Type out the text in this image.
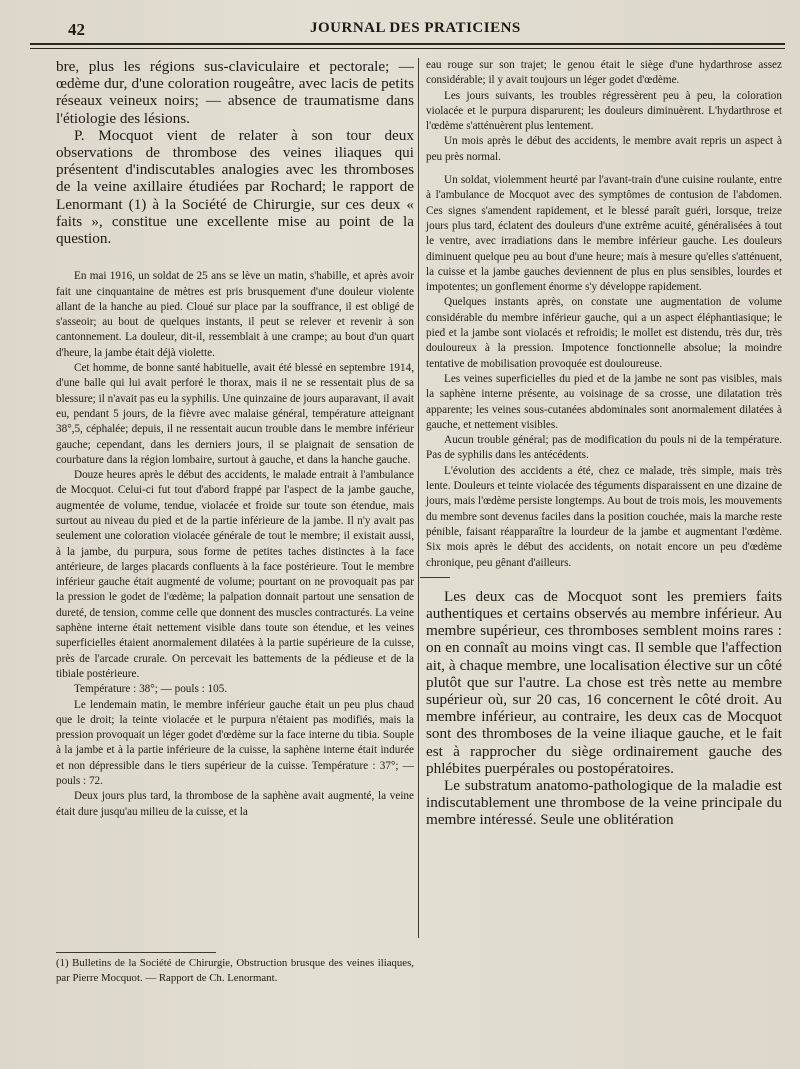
42	JOURNAL DES PRATICIENS

bre, plus les régions sus-claviculaire et pectorale; — œdème dur, d'une coloration rougeâtre, avec lacis de petits réseaux veineux noirs; — absence de traumatisme dans l'étiologie des lésions.

P. Mocquot vient de relater à son tour deux observations de thrombose des veines iliaques qui présentent d'indiscutables analogies avec les thromboses de la veine axillaire étudiées par Rochard; le rapport de Lenormant (1) à la Société de Chirurgie, sur ces deux « faits », constitue une excellente mise au point de la question.

En mai 1916, un soldat de 25 ans se lève un matin, s'habille, et après avoir fait une cinquantaine de mètres est pris brusquement d'une douleur violente allant de la hanche au pied. Cloué sur place par la souffrance, il est obligé de s'asseoir; au bout de quelques instants, il peut se relever et revenir à son cantonnement. La douleur, dit-il, ressemblait à une crampe; au bout d'un quart d'heure, la jambe était déjà violette.

Cet homme, de bonne santé habituelle, avait été blessé en septembre 1914, d'une balle qui lui avait perforé le thorax, mais il ne se ressentait plus de sa blessure; il n'avait pas eu la syphilis. Une quinzaine de jours auparavant, il avait eu, pendant 5 jours, de la fièvre avec malaise général, température atteignant 38°,5, céphalée; depuis, il ne ressentait aucun trouble dans le membre inférieur gauche; cependant, dans les derniers jours, il se plaignait de sensation de courbature dans la région lombaire, surtout à gauche, et dans la hanche gauche.

Douze heures après le début des accidents, le malade entrait à l'ambulance de Mocquot. Celui-ci fut tout d'abord frappé par l'aspect de la jambe gauche, augmentée de volume, tendue, violacée et froide sur toute son étendue, mais surtout au niveau du pied et de la partie inférieure de la jambe. Il n'y avait pas seulement une coloration violacée générale de tout le membre; il existait aussi, à la jambe, du purpura, sous forme de petites taches distinctes à la face antérieure, de larges placards confluents à la face postérieure. Tout le membre inférieur gauche était augmenté de volume; pourtant on ne provoquait pas par la pression le godet de l'œdème; la palpation donnait partout une sensation de dureté, de tension, comme celle que donnent des muscles contracturés. La veine saphène interne était nettement visible dans toute son étendue, et les veines superficielles étaient anormalement dilatées à la partie supérieure de la cuisse, près de l'arcade crurale. On percevait les battements de la pédieuse et de la tibiale postérieure.

Température : 38°; — pouls : 105.

Le lendemain matin, le membre inférieur gauche était un peu plus chaud que le droit; la teinte violacée et le purpura n'étaient pas modifiés, mais la pression provoquait un léger godet d'œdème sur la face interne du tibia. Souple à la jambe et à la partie inférieure de la cuisse, la saphène interne était indurée et non dépressible dans le tiers supérieur de la cuisse. Température : 37°; — pouls : 72.

Deux jours plus tard, la thrombose de la saphène avait augmenté, la veine était dure jusqu'au milieu de la cuisse, et la

eau rouge sur son trajet; le genou était le siège d'une hydarthrose assez considérable; il y avait toujours un léger godet d'œdème.

Les jours suivants, les troubles régressèrent peu à peu, la coloration violacée et le purpura disparurent; les douleurs diminuèrent. L'hydarthrose et l'œdème s'atténuèrent plus lentement.

Un mois après le début des accidents, le membre avait repris un aspect à peu près normal.

Un soldat, violemment heurté par l'avant-train d'une cuisine roulante, entre à l'ambulance de Mocquot avec des symptômes de contusion de l'abdomen. Ces signes s'amendent rapidement, et le blessé paraît guéri, lorsque, treize jours plus tard, éclatent des douleurs d'une extrême acuité, généralisées à tout le ventre, avec irradiations dans le membre inférieur gauche. Les douleurs diminuent quelque peu au bout d'une heure; mais à mesure qu'elles s'atténuent, la cuisse et la jambe gauches deviennent de plus en plus sensibles, lourdes et impotentes; un gonflement énorme s'y développe rapidement.

Quelques instants après, on constate une augmentation de volume considérable du membre inférieur gauche, qui a un aspect éléphantiasique; le pied et la jambe sont violacés et refroidis; le mollet est distendu, très dur, très douloureux à la pression. Impotence fonctionnelle absolue; la moindre tentative de mobilisation provoquée est douloureuse.

Les veines superficielles du pied et de la jambe ne sont pas visibles, mais la saphène interne présente, au voisinage de sa crosse, une dilatation très apparente; les veines sous-cutanées abdominales sont anormalement dilatées à gauche, et nettement visibles.

Aucun trouble général; pas de modification du pouls ni de la température. Pas de syphilis dans les antécédents.

L'évolution des accidents a été, chez ce malade, très simple, mais très lente. Douleurs et teinte violacée des téguments disparaissent en une dizaine de jours, mais l'œdème persiste longtemps. Au bout de trois mois, les mouvements du membre sont devenus faciles dans la position couchée, mais la marche reste pénible, faisant réapparaître la lourdeur de la jambe et augmentant l'œdème. Six mois après le début des accidents, on notait encore un peu d'œdème chronique, peu gênant d'ailleurs.

Les deux cas de Mocquot sont les premiers faits authentiques et certains observés au membre inférieur. Au membre supérieur, ces thromboses semblent moins rares : on en connaît au moins vingt cas. Il semble que l'affection ait, à chaque membre, une localisation élective sur un côté plutôt que sur l'autre. La chose est très nette au membre supérieur où, sur 20 cas, 16 concernent le côté droit. Au membre inférieur, au contraire, les deux cas de Mocquot sont des thromboses de la veine iliaque gauche, et le fait est à rapprocher du siège ordinairement gauche des phlébites puerpérales ou postopératoires.

Le substratum anatomo-pathologique de la maladie est indiscutablement une thrombose de la veine principale du membre intéressé. Seule une oblitération

(1) Bulletins de la Société de Chirurgie, Obstruction brusque des veines iliaques, par Pierre Mocquot. — Rapport de Ch. Lenormant.
